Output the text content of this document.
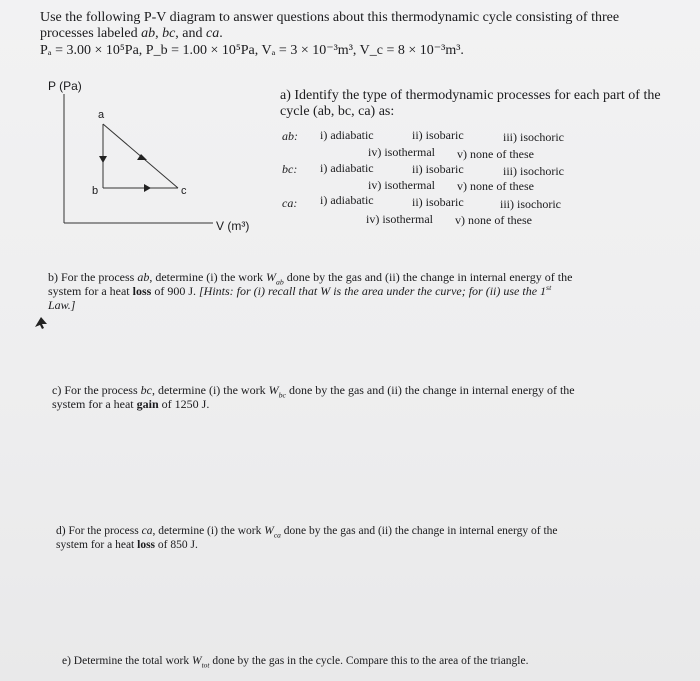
Use the following P-V diagram to answer questions about this thermodynamic cycle consisting of three
processes labeled ab, bc, and ca.
Pₐ = 3.00 × 10⁵Pa, P_b = 1.00 × 10⁵Pa, Vₐ = 3 × 10⁻³m³, V_c = 8 × 10⁻³m³.
P (Pa)
a
b	c
V (m³)
a) Identify the type of thermodynamic processes for each part of the
cycle (ab, bc, ca) as:
ab: i) adiabatic	ii) isobaric	iii) isochoric
iv) isothermal v) none of these
bc: i) adiabatic	ii) isobaric	iii) isochoric
iv) isothermal v) none of these
ca: i) adiabatic	ii) isobaric	iii) isochoric
iv) isothermal v) none of these
b) For the process ab, determine (i) the work $W_{ab}$ done by the gas and (ii) the change in internal energy of the
system for a heat loss of 900 J. [Hints: for (i) recall that W is the area under the curve; for (ii) use the 1st
Law.]
c) For the process bc, determine (i) the work $W_{bc}$ done by the gas and (ii) the change in internal energy of the
system for a heat gain of 1250 J.
d) For the process ca, determine (i) the work $W_{ca}$ done by the gas and (ii) the change in internal energy of the
system for a heat loss of 850 J.
e) Determine the total work $W_{tot}$ done by the gas in the cycle. Compare this to the area of the triangle.
